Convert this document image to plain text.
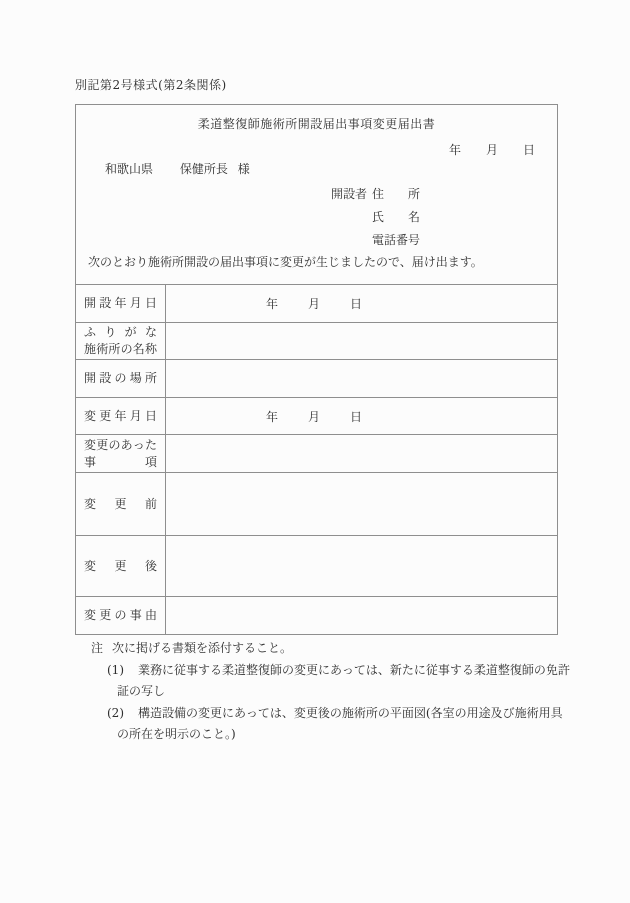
別記第2号様式(第2条関係)
柔道整復師施術所開設届出事項変更届出書
年 月 日
和歌山県 保健所長 様
開設者 住所
氏名
電話番号
次のとおり施術所開設の届出事項に変更が生じましたので、届け出ます。
開設年月日	年	月	日
ふりがな
施術所の名称
開設の場所
変更年月日	年	月	日
変更のあった
事項
変更前
変更後
変更の事由
注 次に掲げる書類を添付すること。
(1) 業務に従事する柔道整復師の変更にあっては、新たに従事する柔道整復師の免許
証の写し
(2) 構造設備の変更にあっては、変更後の施術所の平面図(各室の用途及び施術用具
の所在を明示のこと。)
